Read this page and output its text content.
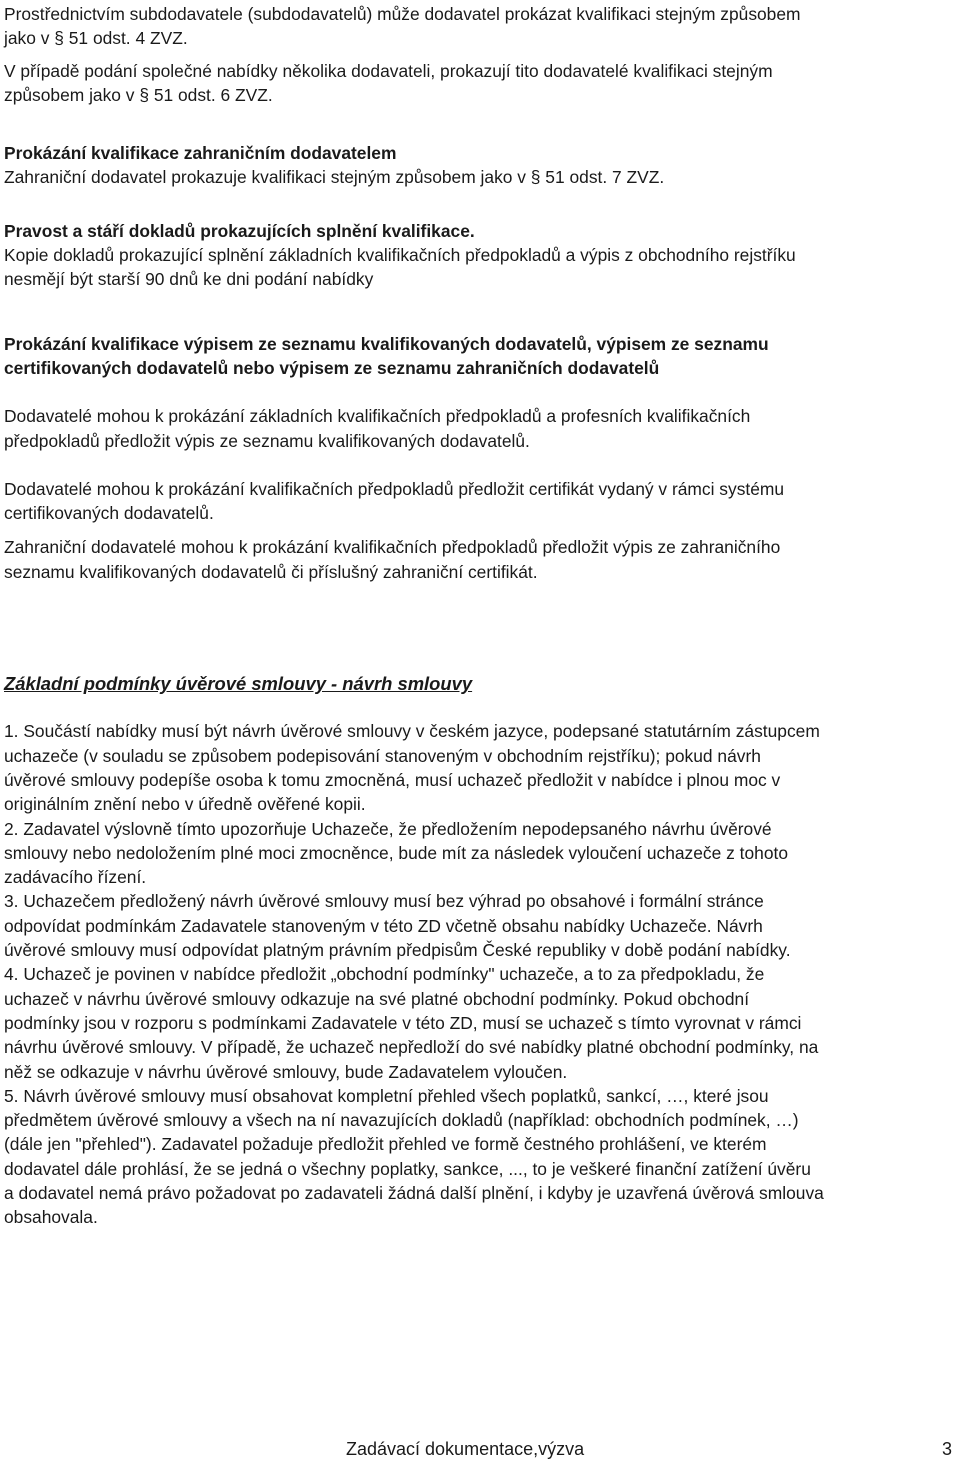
Prostřednictvím subdodavatele (subdodavatelů) může dodavatel prokázat kvalifikaci stejným způsobem
jako v § 51 odst. 4 ZVZ.

V případě podání společné nabídky několika dodavateli, prokazují tito dodavatelé kvalifikaci stejným
způsobem jako v § 51 odst. 6 ZVZ.

Prokázání kvalifikace zahraničním dodavatelem

Zahraniční dodavatel prokazuje kvalifikaci stejným způsobem jako v § 51 odst. 7 ZVZ.

Pravost a stáří dokladů prokazujících splnění kvalifikace.

Kopie dokladů prokazující splnění základních kvalifikačních předpokladů a výpis z obchodního rejstříku
nesmějí být starší 90 dnů ke dni podání nabídky

Prokázání kvalifikace výpisem ze seznamu kvalifikovaných dodavatelů, výpisem ze seznamu
certifikovaných dodavatelů nebo výpisem ze seznamu zahraničních dodavatelů

Dodavatelé mohou k prokázání základních kvalifikačních předpokladů a profesních kvalifikačních
předpokladů předložit výpis ze seznamu kvalifikovaných dodavatelů.

Dodavatelé mohou k prokázání kvalifikačních předpokladů předložit certifikát vydaný v rámci systému
certifikovaných dodavatelů.

Zahraniční dodavatelé mohou k prokázání kvalifikačních předpokladů předložit výpis ze zahraničního
seznamu kvalifikovaných dodavatelů či příslušný zahraniční certifikát.

Základní podmínky úvěrové smlouvy - návrh smlouvy

1. Součástí nabídky musí být návrh úvěrové smlouvy v českém jazyce, podepsané statutárním zástupcem
uchazeče (v souladu se způsobem podepisování stanoveným v obchodním rejstříku); pokud návrh
úvěrové smlouvy podepíše osoba k tomu zmocněná, musí uchazeč předložit v nabídce i plnou moc v
originálním znění nebo v úředně ověřené kopii.

2. Zadavatel výslovně tímto upozorňuje Uchazeče, že předložením nepodepsaného návrhu úvěrové
smlouvy nebo nedoložením plné moci zmocněnce, bude mít za následek vyloučení uchazeče z tohoto
zadávacího řízení.

3. Uchazečem předložený návrh úvěrové smlouvy musí bez výhrad po obsahové i formální stránce
odpovídat podmínkám Zadavatele stanoveným v této ZD včetně obsahu nabídky Uchazeče. Návrh
úvěrové smlouvy musí odpovídat platným právním předpisům České republiky v době podání nabídky.

4. Uchazeč je povinen v nabídce předložit „obchodní podmínky" uchazeče, a to za předpokladu, že
uchazeč v návrhu úvěrové smlouvy odkazuje na své platné obchodní podmínky. Pokud obchodní
podmínky jsou v rozporu s podmínkami Zadavatele v této ZD, musí se uchazeč s tímto vyrovnat v rámci
návrhu úvěrové smlouvy. V případě, že uchazeč nepředloží do své nabídky platné obchodní podmínky, na
něž se odkazuje v návrhu úvěrové smlouvy, bude Zadavatelem vyloučen.

5. Návrh úvěrové smlouvy musí obsahovat kompletní přehled všech poplatků, sankcí, …, které jsou
předmětem úvěrové smlouvy a všech na ní navazujících dokladů (například: obchodních podmínek, …)
(dále jen "přehled"). Zadavatel požaduje předložit přehled ve formě čestného prohlášení, ve kterém
dodavatel dále prohlásí, že se jedná o všechny poplatky, sankce, ..., to je veškeré finanční zatížení úvěru
a dodavatel nemá právo požadovat po zadavateli žádná další plnění, i kdyby je uzavřená úvěrová smlouva
obsahovala.

Zadávací dokumentace,výzva	3
